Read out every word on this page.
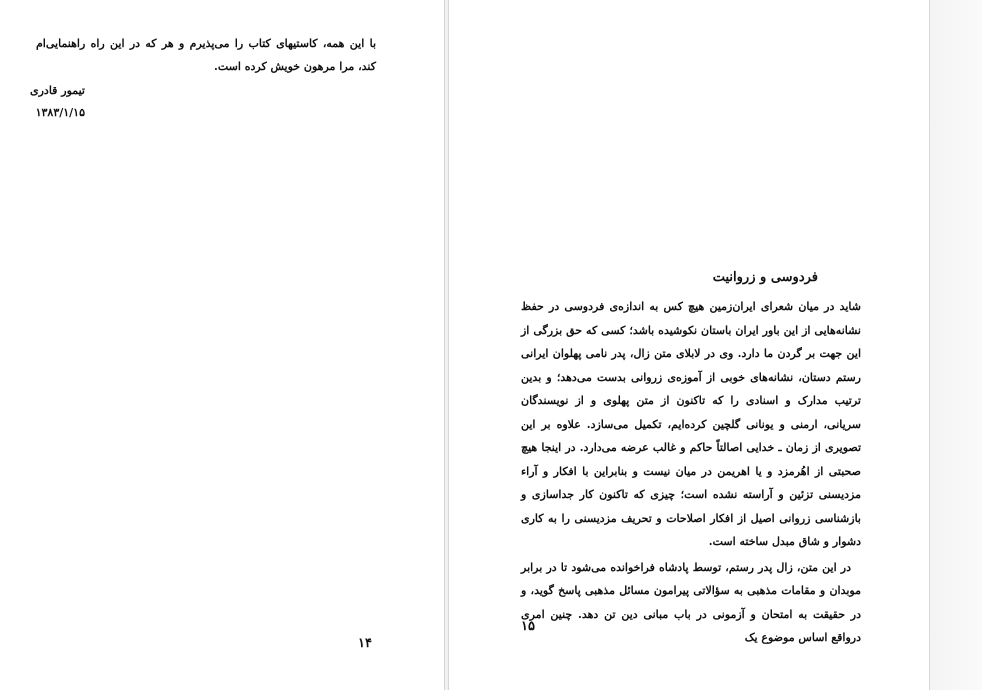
با این همه، کاستیهای کتاب را می‌پذیرم و هر که در این راه راهنمایی‌ام کند، مرا مرهون خویش کرده است.
تیمور قادری
۱۳۸۳/۱/۱۵
۱۴
فردوسی و زروانیت

شاید در میان شعرای ایران‌زمین هیچ کس به اندازه‌ی فردوسی در حفظ نشانه‌هایی از این باور ایران باستان نکوشیده باشد؛ کسی که حق بزرگی از این جهت بر گردن ما دارد. وی در لابلای متن زال، پدر نامی پهلوان ایرانی رستم دستان، نشانه‌های خوبی از آموزه‌ی زروانی بدست می‌دهد؛ و بدین ترتیب مدارک و اسنادی را که تاکنون از متن پهلوی و از نویسندگان سریانی، ارمنی و یونانی گلچین کرده‌ایم، تکمیل می‌سازد. علاوه بر این تصویری از زمان ـ خدایی اصالتاً حاکم و غالب عرضه می‌دارد. در اینجا هیچ صحبتی از اهُرمزد و یا اهریمن در میان نیست و بنابراین با افکار و آراء مزدیسنی تزئین و آراسته نشده است؛ چیزی که تاکنون کار جداسازی و بازشناسی زروانی اصیل از افکار اصلاحات و تحریف مزدیسنی را به کاری دشوار و شاق مبدل ساخته است.

در این متن، زال پدر رستم، توسط پادشاه فراخوانده می‌شود تا در برابر موبدان و مقامات مذهبی به سؤالاتی پیرامون مسائل مذهبی پاسخ گوید، و در حقیقت به امتحان و آزمونی در باب مبانی دین تن دهد. چنین امری درواقع اساس موضوع یک

۱۵
